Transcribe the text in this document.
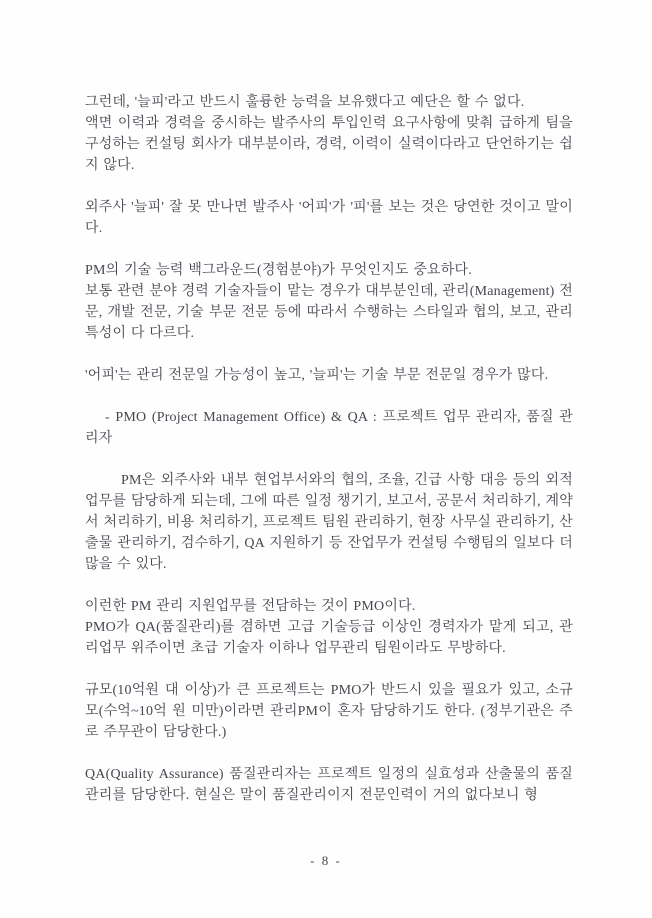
그런데, '늘피'라고 반드시 훌륭한 능력을 보유했다고 예단은 할 수 없다.

액면 이력과 경력을 중시하는 발주사의 투입인력 요구사항에 맞춰 급하게 팀을 구성하는 컨설팅 회사가 대부분이라, 경력, 이력이 실력이다라고 단언하기는 쉽지 않다.

외주사 '늘피' 잘 못 만나면 발주사 '어피'가 '피'를 보는 것은 당연한 것이고 말이다.

PM의 기술 능력 백그라운드(경험분야)가 무엇인지도 중요하다.

보통 관련 분야 경력 기술자들이 맡는 경우가 대부분인데, 관리(Management) 전문, 개발 전문, 기술 부문 전문 등에 따라서 수행하는 스타일과 협의, 보고, 관리 특성이 다 다르다.

'어피'는 관리 전문일 가능성이 높고, '늘피'는 기술 부문 전문일 경우가 많다.

- PMO (Project Management Office) & QA : 프로젝트 업무 관리자, 품질 관리자

PM은 외주사와 내부 현업부서와의 협의, 조율, 긴급 사항 대응 등의 외적 업무를 담당하게 되는데, 그에 따른 일정 챙기기, 보고서, 공문서 처리하기, 계약서 처리하기, 비용 처리하기, 프로젝트 팀원 관리하기, 현장 사무실 관리하기, 산출물 관리하기, 검수하기, QA 지원하기 등 잔업무가 컨설팅 수행팀의 일보다 더 많을 수 있다.

이런한 PM 관리 지원업무를 전담하는 것이 PMO이다.

PMO가 QA(품질관리)를 겸하면 고급 기술등급 이상인 경력자가 맡게 되고, 관리업무 위주이면 초급 기술자 이하나 업무관리 팀원이라도 무방하다.

규모(10억원 대 이상)가 큰 프로젝트는 PMO가 반드시 있을 필요가 있고, 소규모(수억~10억 원 미만)이라면 관리PM이 혼자 담당하기도 한다. (정부기관은 주로 주무관이 담당한다.)

QA(Quality Assurance) 품질관리자는 프로젝트 일정의 실효성과 산출물의 품질 관리를 담당한다. 현실은 말이 품질관리이지 전문인력이 거의 없다보니 형

- 8 -
